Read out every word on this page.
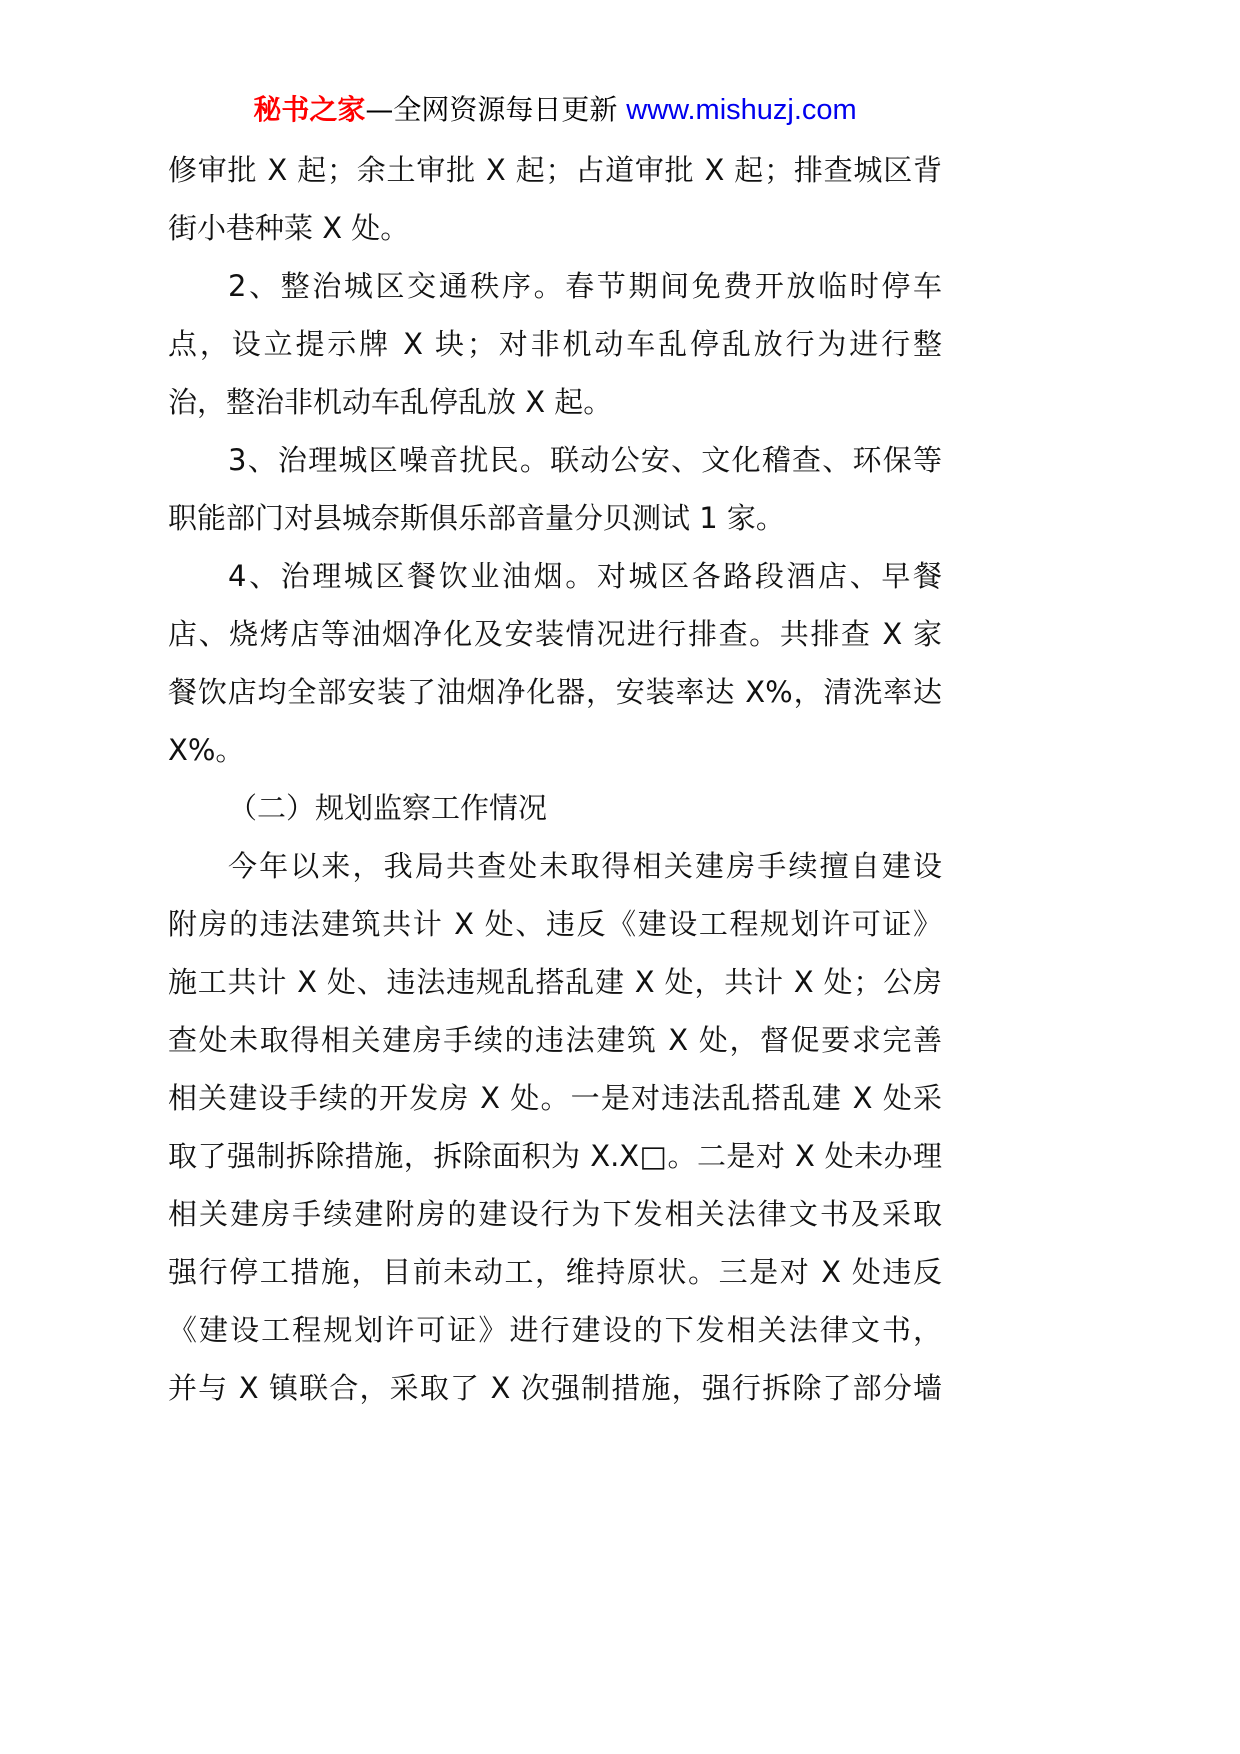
秘书之家—全网资源每日更新 www.mishuzj.com
修审批 X 起；余土审批 X 起；占道审批 X 起；排查城区背
街小巷种菜 X 处。
2、整治城区交通秩序。春节期间免费开放临时停车
点，设立提示牌 X 块；对非机动车乱停乱放行为进行整
治，整治非机动车乱停乱放 X 起。
3、治理城区噪音扰民。联动公安、文化稽查、环保等
职能部门对县城奈斯俱乐部音量分贝测试 1 家。
4、治理城区餐饮业油烟。对城区各路段酒店、早餐
店、烧烤店等油烟净化及安装情况进行排查。共排查 X 家
餐饮店均全部安装了油烟净化器，安装率达 X%，清洗率达
X%。
（二）规划监察工作情况
今年以来，我局共查处未取得相关建房手续擅自建设
附房的违法建筑共计 X 处、违反《建设工程规划许可证》
施工共计 X 处、违法违规乱搭乱建 X 处，共计 X 处；公房
查处未取得相关建房手续的违法建筑 X 处，督促要求完善
相关建设手续的开发房 X 处。一是对违法乱搭乱建 X 处采
取了强制拆除措施，拆除面积为 X.X□。二是对 X 处未办理
相关建房手续建附房的建设行为下发相关法律文书及采取
强行停工措施，目前未动工，维持原状。三是对 X 处违反
《建设工程规划许可证》进行建设的下发相关法律文书，
并与 X 镇联合，采取了 X 次强制措施，强行拆除了部分墙
